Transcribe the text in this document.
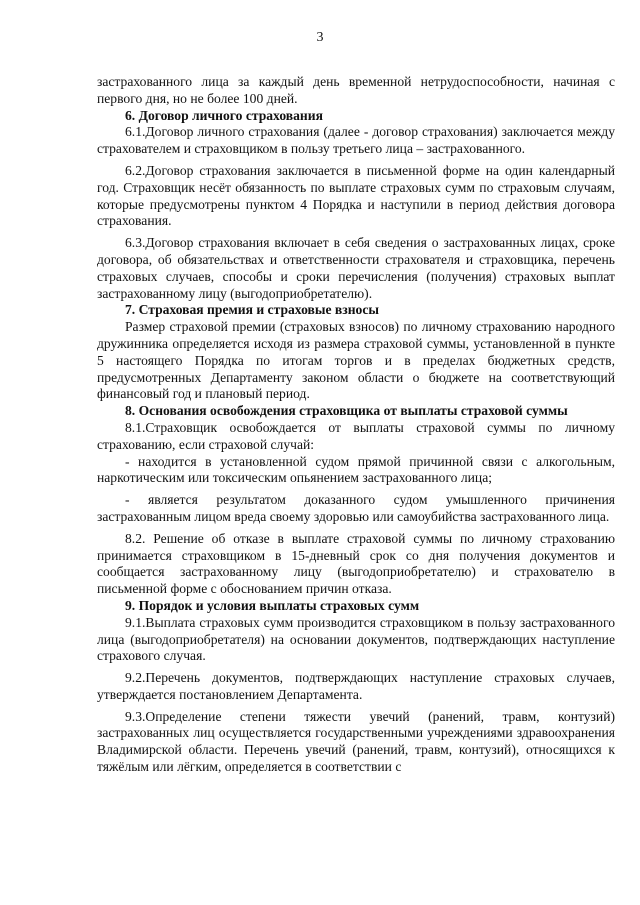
3

застрахованного лица за каждый день временной нетрудоспособности, начиная с первого дня, но не более 100 дней.

6. Договор личного страхования

6.1.Договор личного страхования (далее - договор страхования) заключается между страхователем и страховщиком в пользу третьего лица – застрахованного.

6.2.Договор страхования заключается в письменной форме на один календарный год. Страховщик несёт обязанность по выплате страховых сумм по страховым случаям, которые предусмотрены пунктом 4 Порядка и наступили в период действия договора страхования.

6.3.Договор страхования включает в себя сведения о застрахованных лицах, сроке договора, об обязательствах и ответственности страхователя и страховщика, перечень страховых случаев, способы и сроки перечисления (получения) страховых выплат застрахованному лицу (выгодоприобретателю).

7. Страховая премия и страховые взносы

Размер страховой премии (страховых взносов) по личному страхованию народного дружинника определяется исходя из размера страховой суммы, установленной в пункте 5 настоящего Порядка по итогам торгов и в пределах бюджетных средств, предусмотренных Департаменту законом области о бюджете на соответствующий финансовый год и плановый период.

8. Основания освобождения страховщика от выплаты страховой суммы

8.1.Страховщик освобождается от выплаты страховой суммы по личному страхованию, если страховой случай:

- находится в установленной судом прямой причинной связи с алкогольным, наркотическим или токсическим опьянением застрахованного лица;

- является результатом доказанного судом умышленного причинения застрахованным лицом вреда своему здоровью или самоубийства застрахованного лица.

8.2. Решение об отказе в выплате страховой суммы по личному страхованию принимается страховщиком в 15-дневный срок со дня получения документов и сообщается застрахованному лицу (выгодоприобретателю) и страхователю в письменной форме с обоснованием причин отказа.

9. Порядок и условия выплаты страховых сумм

9.1.Выплата страховых сумм производится страховщиком в пользу застрахованного лица (выгодоприобретателя) на основании документов, подтверждающих наступление страхового случая.

9.2.Перечень документов, подтверждающих наступление страховых случаев, утверждается постановлением Департамента.

9.3.Определение степени тяжести увечий (ранений, травм, контузий) застрахованных лиц осуществляется государственными учреждениями здравоохранения Владимирской области. Перечень увечий (ранений, травм, контузий), относящихся к тяжёлым или лёгким, определяется в соответствии с
